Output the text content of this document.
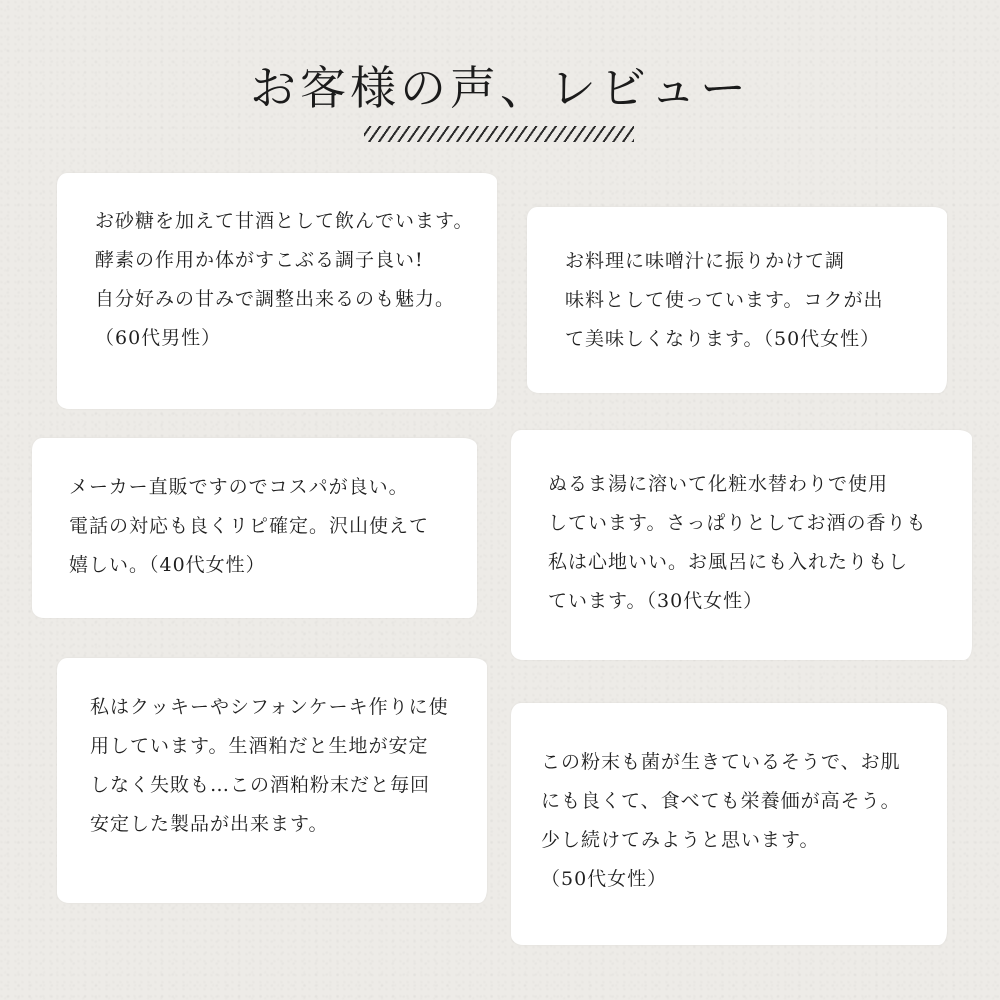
お客様の声、レビュー

お砂糖を加えて甘酒として飲んでいます。
酵素の作用か体がすこぶる調子良い!
自分好みの甘みで調整出来るのも魅力。
（60代男性）

お料理に味噌汁に振りかけて調
味料として使っています。コクが出
て美味しくなります。（50代女性）

メーカー直販ですのでコスパが良い。
電話の対応も良くリピ確定。沢山使えて
嬉しい。（40代女性）

ぬるま湯に溶いて化粧水替わりで使用
しています。さっぱりとしてお酒の香りも
私は心地いい。お風呂にも入れたりもし
ています。（30代女性）

私はクッキーやシフォンケーキ作りに使
用しています。生酒粕だと生地が安定
しなく失敗も…この酒粕粉末だと毎回
安定した製品が出来ます。

この粉末も菌が生きているそうで、お肌
にも良くて、食べても栄養価が高そう。
少し続けてみようと思います。
（50代女性）
